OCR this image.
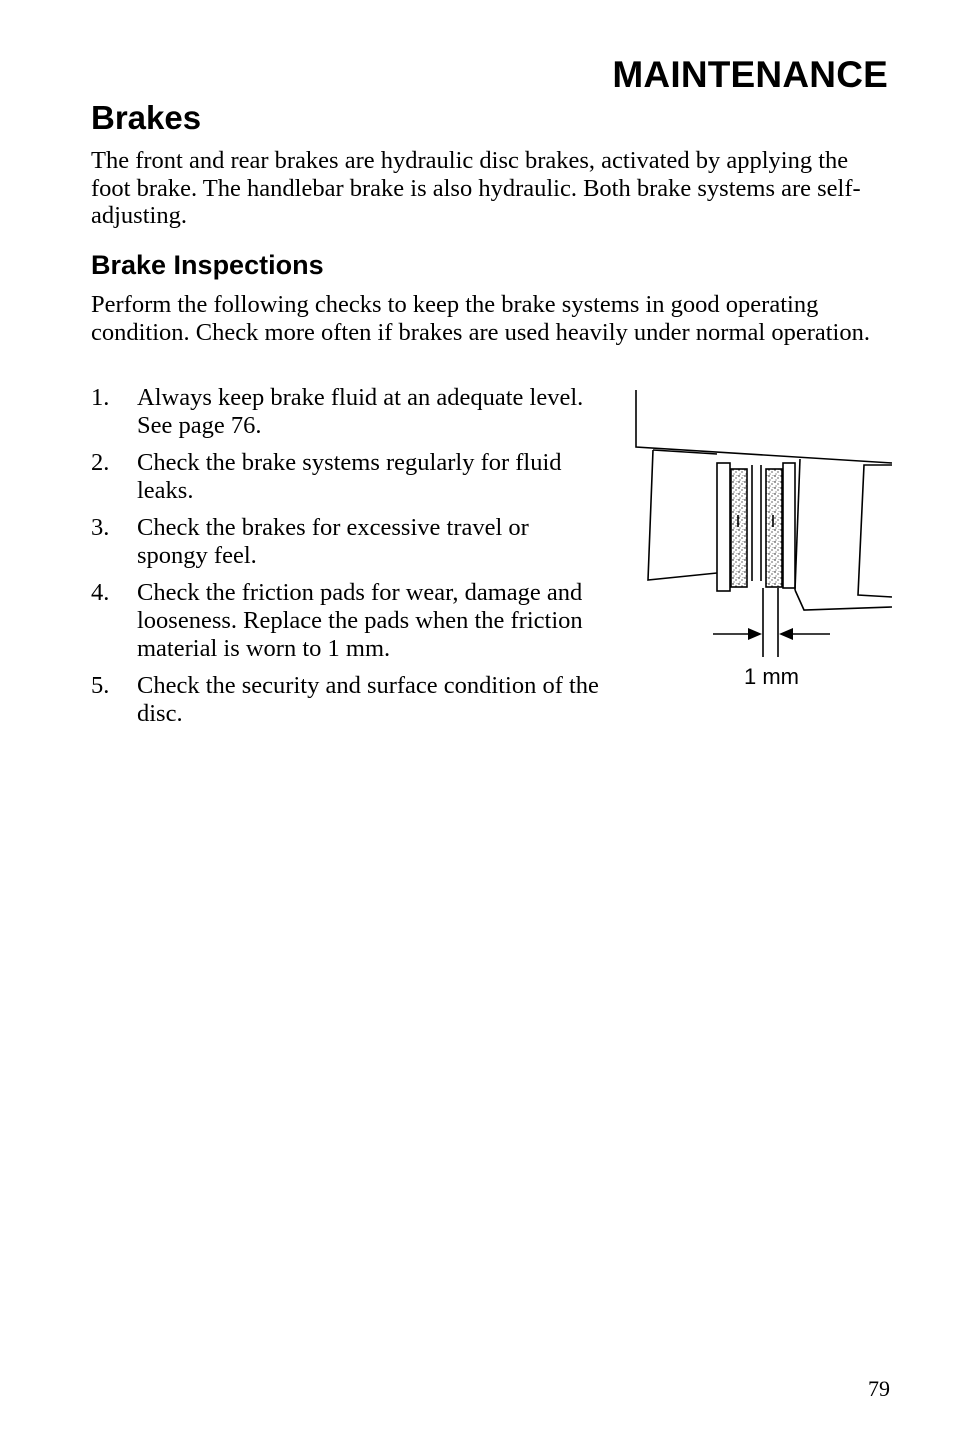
MAINTENANCE
Brakes

The front and rear brakes are hydraulic disc brakes, activated by applying the foot brake. The handlebar brake is also hydraulic. Both brake systems are self-adjusting.

Brake Inspections

Perform the following checks to keep the brake systems in good operating condition. Check more often if brakes are used heavily under normal operation.

1.	Always keep brake fluid at an adequate level. See page 76.
2.	Check the brake systems regularly for fluid leaks.
3.	Check the brakes for excessive travel or spongy feel.
4.	Check the friction pads for wear, damage and looseness. Replace the pads when the friction material is worn to 1 mm.
5.	Check the security and surface condition of the disc.
1 mm
79
